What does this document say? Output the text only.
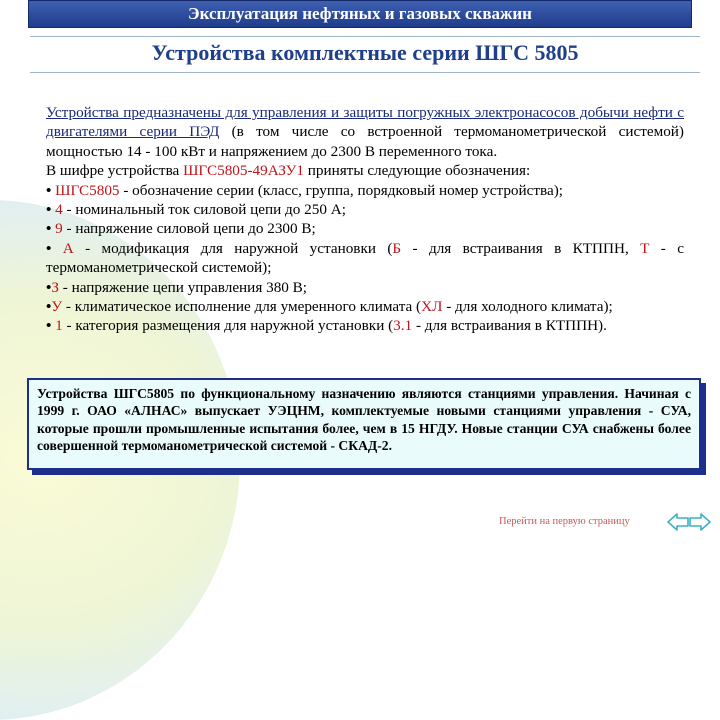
Эксплуатация нефтяных и газовых скважин
Устройства комплектные серии ШГС 5805

Устройства предназначены для управления и защиты погружных электронасосов добычи нефти с двигателями серии ПЭД (в том числе со встроенной термоманометрической системой) мощностью 14 - 100 кВт и напряжением до 2300 В переменного тока.

В шифре устройства ШГС5805-49АЗУ1 приняты следующие обозначения:

• ШГС5805 - обозначение серии (класс, группа, порядковый номер устройства);

• 4 - номинальный ток силовой цепи до 250 А;

• 9 - напряжение силовой цепи до 2300 В;

• А - модификация для наружной установки (Б - для встраивания в КТППН, Т - с термоманометрической системой);

•З - напряжение цепи управления 380 В;

•У - климатическое исполнение для умеренного климата (ХЛ - для холодного климата);

• 1 - категория размещения для наружной установки (3.1 - для встраивания в КТППН).

Устройства ШГС5805 по функциональному назначению являются станциями управления. Начиная с 1999 г. ОАО «АЛНАС» выпускает УЭЦНМ, комплектуемые новыми станциями управления - СУА, которые прошли промышленные испытания более, чем в 15 НГДУ. Новые станции СУА снабжены более совершенной термоманометрической системой - СКАД-2.
Перейти на первую страницу
